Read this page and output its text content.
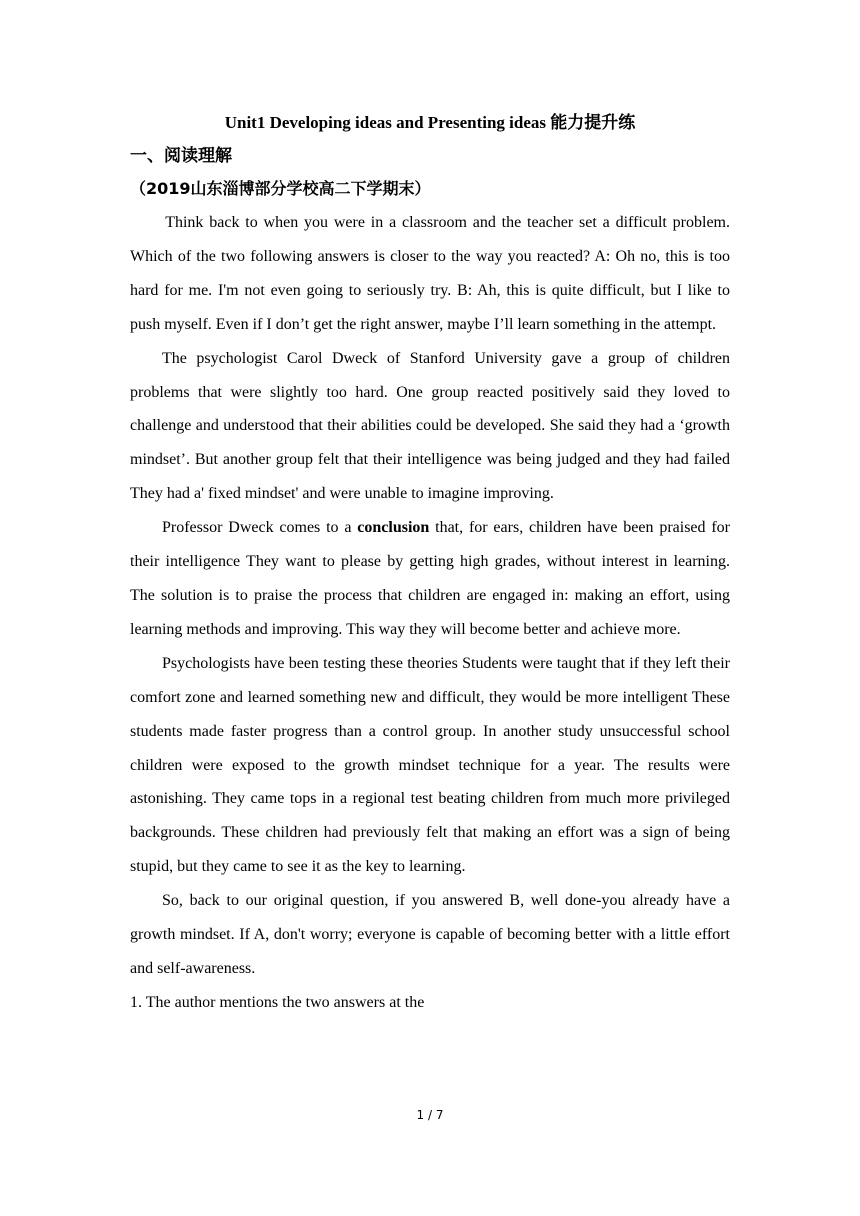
Unit1 Developing ideas and Presenting ideas 能力提升练

一、阅读理解

（2019山东淄博部分学校高二下学期末）

Think back to when you were in a classroom and the teacher set a difficult problem. Which of the two following answers is closer to the way you reacted? A: Oh no, this is too hard for me. I'm not even going to seriously try. B: Ah, this is quite difficult, but I like to push myself. Even if I don’t get the right answer, maybe I’ll learn something in the attempt.

The psychologist Carol Dweck of Stanford University gave a group of children problems that were slightly too hard. One group reacted positively said they loved to challenge and understood that their abilities could be developed. She said they had a ‘growth mindset’. But another group felt that their intelligence was being judged and they had failed They had a' fixed mindset' and were unable to imagine improving.

Professor Dweck comes to a conclusion that, for ears, children have been praised for their intelligence They want to please by getting high grades, without interest in learning. The solution is to praise the process that children are engaged in: making an effort, using learning methods and improving. This way they will become better and achieve more.

Psychologists have been testing these theories Students were taught that if they left their comfort zone and learned something new and difficult, they would be more intelligent These students made faster progress than a control group. In another study unsuccessful school children were exposed to the growth mindset technique for a year. The results were astonishing. They came tops in a regional test beating children from much more privileged backgrounds. These children had previously felt that making an effort was a sign of being stupid, but they came to see it as the key to learning.

So, back to our original question, if you answered B, well done-you already have a growth mindset. If A, don't worry; everyone is capable of becoming better with a little effort and self-awareness.

1. The author mentions the two answers at the

1 / 7
